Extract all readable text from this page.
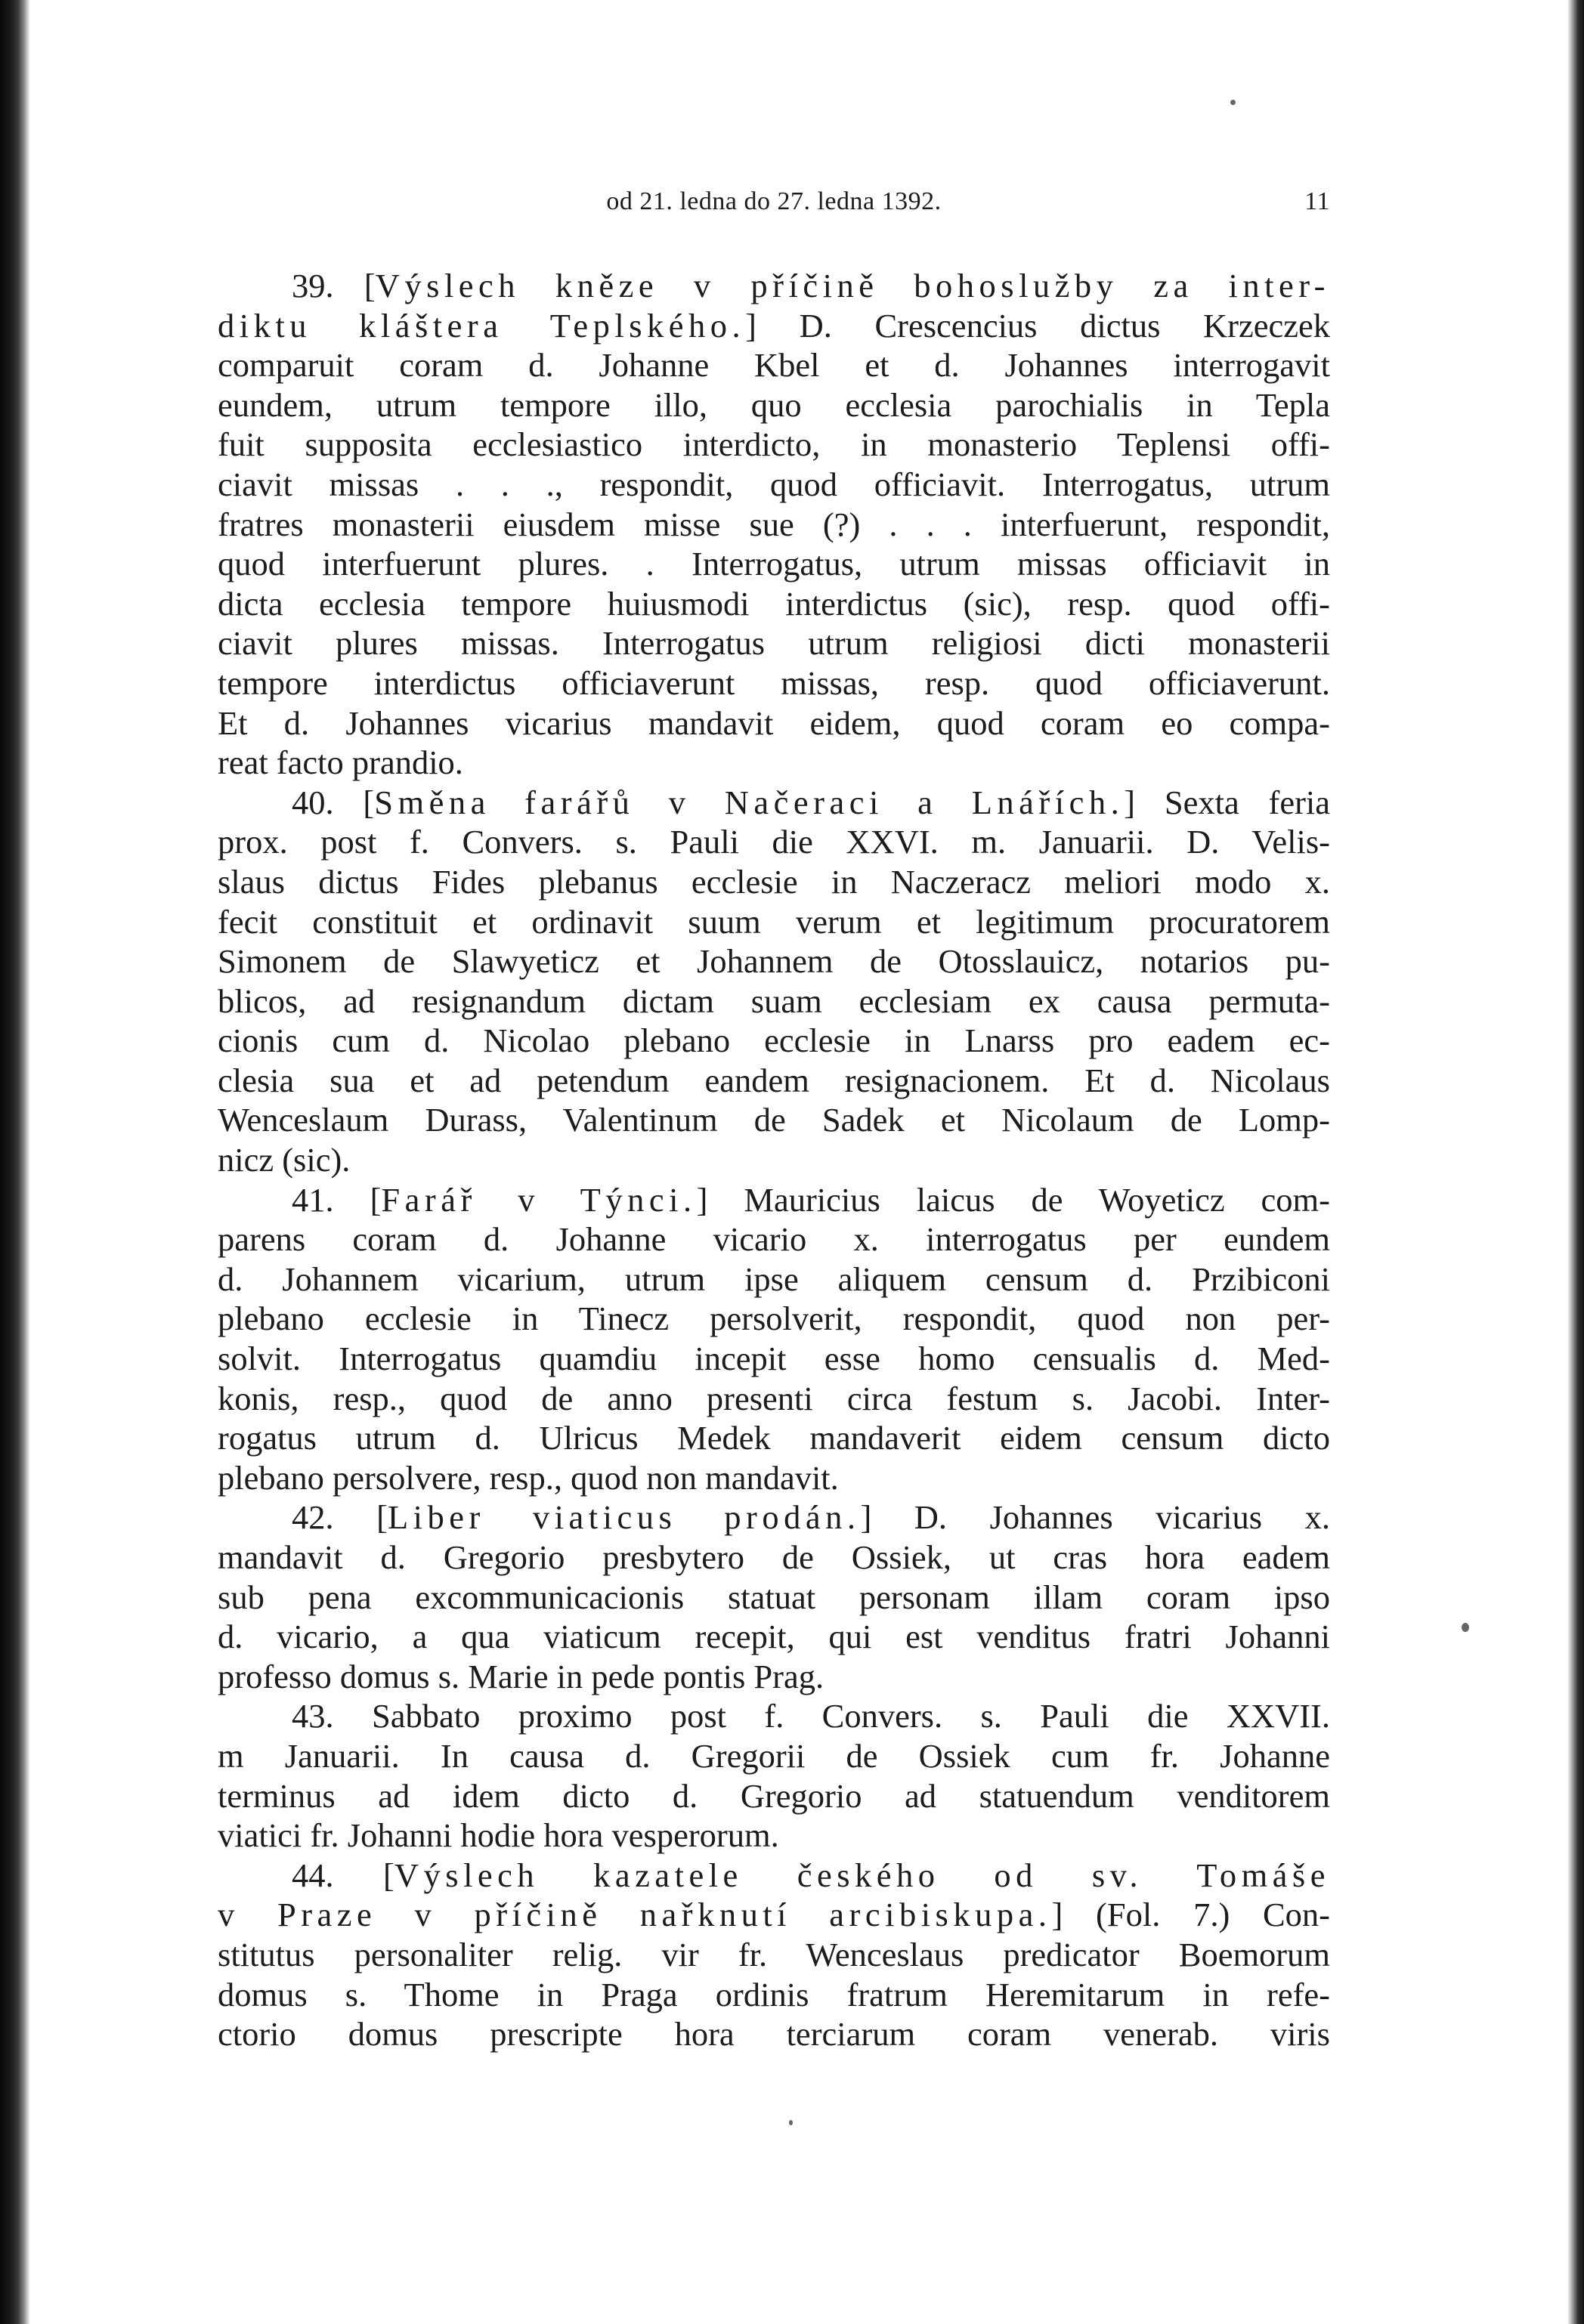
od 21. ledna do 27. ledna 1392.	11
39. [Výslech kněze v příčině bohoslužby za inter-
diktu kláštera Teplského.] D. Crescencius dictus Krzeczek
comparuit coram d. Johanne Kbel et d. Johannes interrogavit
eundem, utrum tempore illo, quo ecclesia parochialis in Tepla
fuit supposita ecclesiastico interdicto, in monasterio Teplensi offi-
ciavit missas . . ., respondit, quod officiavit. Interrogatus, utrum
fratres monasterii eiusdem misse sue (?) . . . interfuerunt, respondit,
quod interfuerunt plures. . Interrogatus, utrum missas officiavit in
dicta ecclesia tempore huiusmodi interdictus (sic), resp. quod offi-
ciavit plures missas. Interrogatus utrum religiosi dicti monasterii
tempore interdictus officiaverunt missas, resp. quod officiaverunt.
Et d. Johannes vicarius mandavit eidem, quod coram eo compa-
reat facto prandio.
40. [Směna farářů v Načeraci a Lnářích.] Sexta feria
prox. post f. Convers. s. Pauli die XXVI. m. Januarii. D. Velis-
slaus dictus Fides plebanus ecclesie in Naczeracz meliori modo x.
fecit constituit et ordinavit suum verum et legitimum procuratorem
Simonem de Slawyeticz et Johannem de Otosslauicz, notarios pu-
blicos, ad resignandum dictam suam ecclesiam ex causa permuta-
cionis cum d. Nicolao plebano ecclesie in Lnarss pro eadem ec-
clesia sua et ad petendum eandem resignacionem. Et d. Nicolaus
Wenceslaum Durass, Valentinum de Sadek et Nicolaum de Lomp-
nicz (sic).
41. [Farář v Týnci.] Mauricius laicus de Woyeticz com-
parens coram d. Johanne vicario x. interrogatus per eundem
d. Johannem vicarium, utrum ipse aliquem censum d. Przibiconi
plebano ecclesie in Tinecz persolverit, respondit, quod non per-
solvit. Interrogatus quamdiu incepit esse homo censualis d. Med-
konis, resp., quod de anno presenti circa festum s. Jacobi. Inter-
rogatus utrum d. Ulricus Medek mandaverit eidem censum dicto
plebano persolvere, resp., quod non mandavit.
42. [Liber viaticus prodán.] D. Johannes vicarius x.
mandavit d. Gregorio presbytero de Ossiek, ut cras hora eadem
sub pena excommunicacionis statuat personam illam coram ipso
d. vicario, a qua viaticum recepit, qui est venditus fratri Johanni
professo domus s. Marie in pede pontis Prag.
43. Sabbato proximo post f. Convers. s. Pauli die XXVII.
m Januarii. In causa d. Gregorii de Ossiek cum fr. Johanne
terminus ad idem dicto d. Gregorio ad statuendum venditorem
viatici fr. Johanni hodie hora vesperorum.
44. [Výslech kazatele českého od sv. Tomáše
v Praze v příčině nařknutí arcibiskupa.] (Fol. 7.) Con-
stitutus personaliter relig. vir fr. Wenceslaus predicator Boemorum
domus s. Thome in Praga ordinis fratrum Heremitarum in refe-
ctorio domus prescripte hora terciarum coram venerab. viris
